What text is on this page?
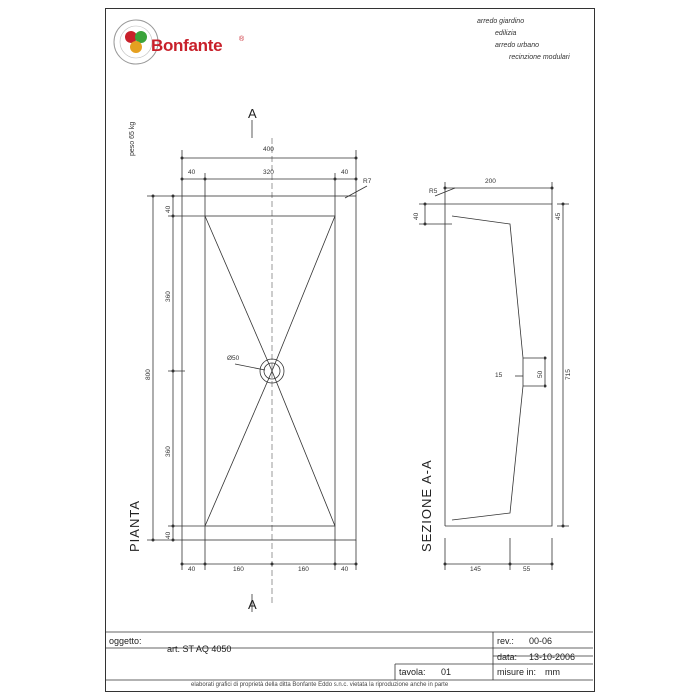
Bonfante ®
arredo giardino
edilizia
arredo urbano
recinzione modulari
peso 65 kg
A
A
400
320
40	40
R7
800
360
360
40
40
Ø50
40	160	160	40
200
R5
40	45
715
50
15
145	55
PIANTA	SEZIONE A-A
oggetto:
art. ST AQ 4050
rev.: 00-06
data: 13-10-2006
tavola: 01	misure in: mm
elaborati grafici di proprietà della ditta Bonfante Eddo s.n.c. vietata la riproduzione anche in parte
